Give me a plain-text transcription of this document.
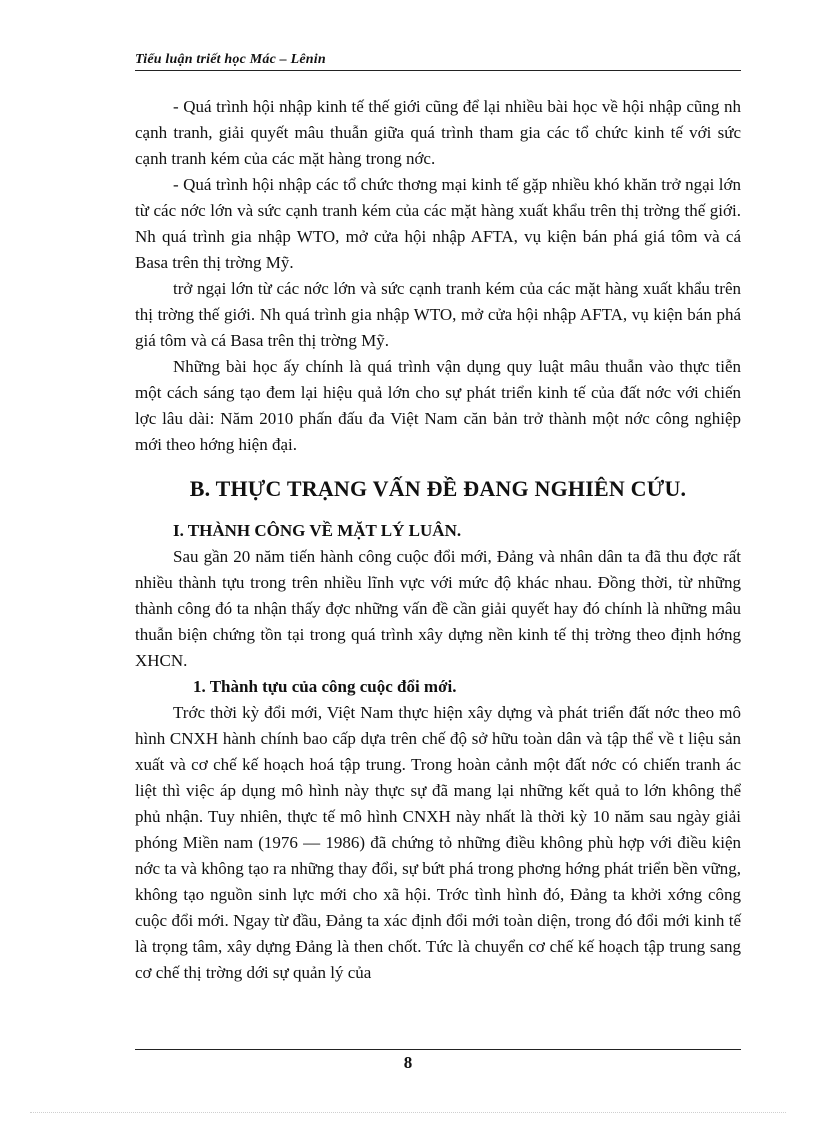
Tiểu luận triết học Mác – Lênin

- Quá trình hội nhập kinh tế thế giới cũng để lại nhiều bài học về hội nhập cũng nh cạnh tranh, giải quyết mâu thuẫn giữa quá trình tham gia các tổ chức kinh tế với sức cạnh tranh kém của các mặt hàng trong nớc.

- Quá trình hội nhập các tổ chức thơng mại kinh tế gặp nhiều khó khăn trở ngại lớn từ các nớc lớn và sức cạnh tranh kém của các mặt hàng xuất khẩu trên thị trờng thế giới. Nh quá trình gia nhập WTO, mở cửa hội nhập AFTA, vụ kiện bán phá giá tôm và cá Basa trên thị trờng Mỹ.

trở ngại lớn từ các nớc lớn và sức cạnh tranh kém của các mặt hàng xuất khẩu trên thị trờng thế giới. Nh quá trình gia nhập WTO, mở cửa hội nhập AFTA, vụ kiện bán phá giá tôm và cá Basa trên thị trờng Mỹ.

Những bài học ấy chính là quá trình vận dụng quy luật mâu thuẫn vào thực tiễn một cách sáng tạo đem lại hiệu quả lớn cho sự phát triển kinh tế của đất nớc với chiến lợc lâu dài: Năm 2010 phấn đấu đa Việt Nam căn bản trở thành một nớc công nghiệp mới theo hớng hiện đại.

B. THỰC TRẠNG VẤN ĐỀ ĐANG NGHIÊN CỨU.
I. THÀNH CÔNG VỀ MẶT LÝ LUÂN.

Sau gần 20 năm tiến hành công cuộc đổi mới, Đảng và nhân dân ta đã thu đợc rất nhiều thành tựu trong trên nhiều lĩnh vực với mức độ khác nhau. Đồng thời, từ những thành công đó ta nhận thấy đợc những vấn đề cần giải quyết hay đó chính là những mâu thuẫn biện chứng tồn tại trong quá trình xây dựng nền kinh tế thị trờng theo định hớng XHCN.

1. Thành tựu của công cuộc đổi mới.

Trớc thời kỳ đổi mới, Việt Nam thực hiện xây dựng và phát triển đất nớc theo mô hình CNXH hành chính bao cấp dựa trên chế độ sở hữu toàn dân và tập thể về t liệu sản xuất và cơ chế kế hoạch hoá tập trung. Trong hoàn cảnh một đất nớc có chiến tranh ác liệt thì việc áp dụng mô hình này thực sự đã mang lại những kết quả to lớn không thể phủ nhận. Tuy nhiên, thực tế mô hình CNXH này nhất là thời kỳ 10 năm sau ngày giải phóng Miền nam (1976 — 1986) đã chứng tỏ những điều không phù hợp với điều kiện nớc ta và không tạo ra những thay đổi, sự bứt phá trong phơng hớng phát triển bền vững, không tạo nguồn sinh lực mới cho xã hội. Trớc tình hình đó, Đảng ta khởi xớng công cuộc đổi mới. Ngay từ đầu, Đảng ta xác định đổi mới toàn diện, trong đó đổi mới kinh tế là trọng tâm, xây dựng Đảng là then chốt. Tức là chuyển cơ chế kế hoạch tập trung sang cơ chế thị trờng dới sự quản lý của

8
